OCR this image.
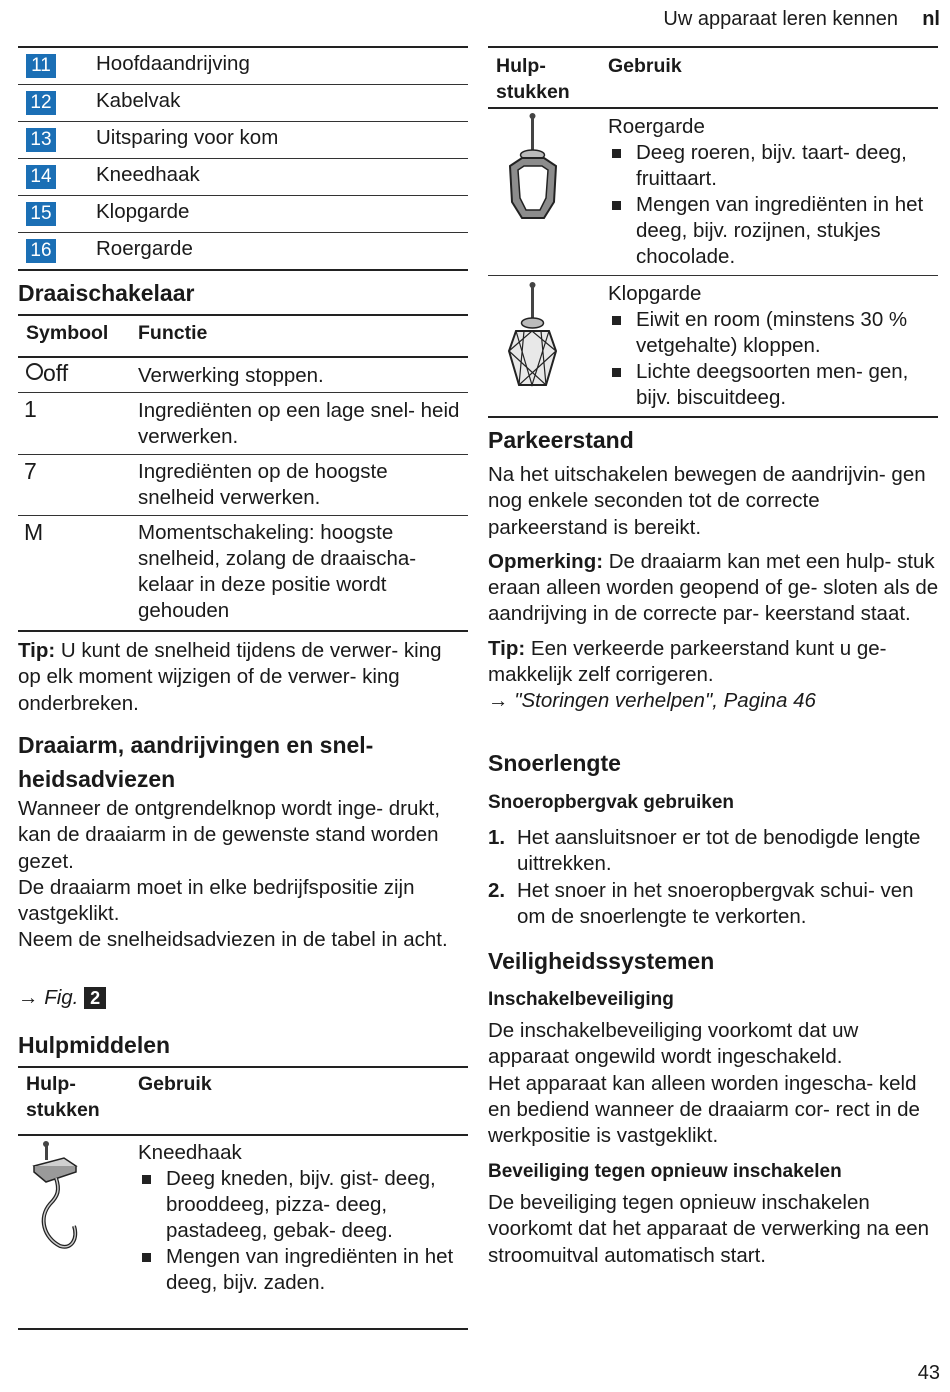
Uw apparaat leren kennen nl
11 Hoofdaandrijving
12 Kabelvak
13 Uitsparing voor kom
14 Kneedhaak
15 Klopgarde
16 Roergarde
Draaischakelaar
Symbool Functie
off	Verwerking stoppen.
1	Ingrediënten op een lage snel- heid verwerken.
7	Ingrediënten op de hoogste snelheid verwerken.
M	Momentschakeling: hoogste snelheid, zolang de draaischa- kelaar in deze positie wordt gehouden
Tip: U kunt de snelheid tijdens de verwer- king op elk moment wijzigen of de verwer- king onderbreken.
Draaiarm, aandrijvingen en snel-
heidsadviezen

Wanneer de ontgrendelknop wordt inge- drukt, kan de draaiarm in de gewenste stand worden gezet.

De draaiarm moet in elke bedrijfspositie zijn vastgeklikt.

Neem de snelheidsadviezen in de tabel in acht.

→ Fig. 2
Hulpmiddelen
Hulp-
stukken
Gebruik
Kneedhaak
Deeg kneden, bijv. gist- deeg, brooddeeg, pizza- deeg, pastadeeg, gebak- deeg.
Mengen van ingrediënten in het deeg, bijv. zaden.
Hulp-
stukken
Gebruik
Roergarde
Deeg roeren, bijv. taart- deeg, fruittaart.
Mengen van ingrediënten in het deeg, bijv. rozijnen, stukjes chocolade.
Klopgarde
Eiwit en room (minstens 30 % vetgehalte) kloppen.
Lichte deegsoorten men- gen, bijv. biscuitdeeg.
Parkeerstand

Na het uitschakelen bewegen de aandrijvin- gen nog enkele seconden tot de correcte parkeerstand is bereikt.

Opmerking: De draaiarm kan met een hulp- stuk eraan alleen worden geopend of ge- sloten als de aandrijving in de correcte par- keerstand staat.

Tip: Een verkeerde parkeerstand kunt u ge- makkelijk zelf corrigeren.

→ "Storingen verhelpen", Pagina 46

Snoerlengte
Snoeropbergvak gebruiken
1. Het aansluitsnoer er tot de benodigde lengte uittrekken.
2. Het snoer in het snoeropbergvak schui- ven om de snoerlengte te verkorten.
Veiligheidssystemen
Inschakelbeveiliging

De inschakelbeveiliging voorkomt dat uw apparaat ongewild wordt ingeschakeld.

Het apparaat kan alleen worden ingescha- keld en bediend wanneer de draaiarm cor- rect in de werkpositie is vastgeklikt.

Beveiliging tegen opnieuw inschakelen

De beveiliging tegen opnieuw inschakelen voorkomt dat het apparaat de verwerking na een stroomuitval automatisch start.

43
